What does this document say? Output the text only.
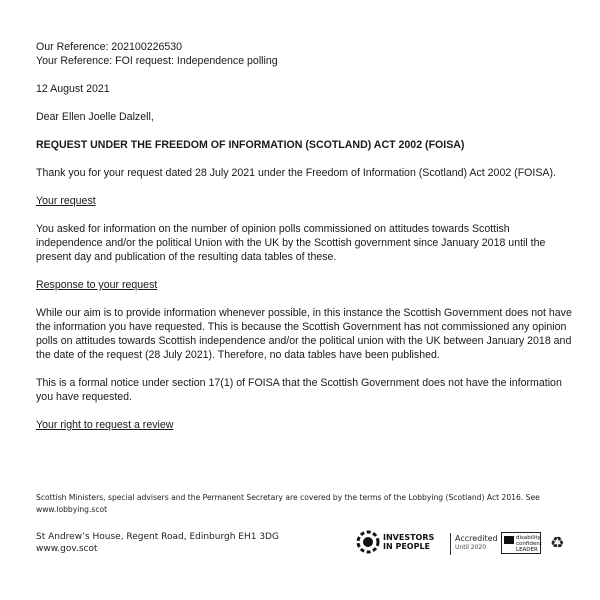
Our Reference: 202100226530
Your Reference: FOI request: Independence polling
12 August 2021
Dear Ellen Joelle Dalzell,
REQUEST UNDER THE FREEDOM OF INFORMATION (SCOTLAND) ACT 2002 (FOISA)

Thank you for your request dated 28 July 2021 under the Freedom of Information (Scotland) Act 2002 (FOISA).

Your request

You asked for information on the number of opinion polls commissioned on attitudes towards Scottish independence and/or the political Union with the UK by the Scottish government since January 2018 until the present day and publication of the resulting data tables of these.

Response to your request

While our aim is to provide information whenever possible, in this instance the Scottish Government does not have the information you have requested. This is because the Scottish Government has not commissioned any opinion polls on attitudes towards Scottish independence and/or the political union with the UK between January 2018 and the date of the request (28 July 2021). Therefore, no data tables have been published.

This is a formal notice under section 17(1) of FOISA that the Scottish Government does not have the information you have requested.

Your right to request a review
Scottish Ministers, special advisers and the Permanent Secretary are covered by the terms of the Lobbying (Scotland) Act 2016. See www.lobbying.scot
St Andrew’s House, Regent Road, Edinburgh EH1 3DG
www.gov.scot
INVESTORS
IN PEOPLE
Accredited
Until 2020
disability
confident
LEADER ♻
